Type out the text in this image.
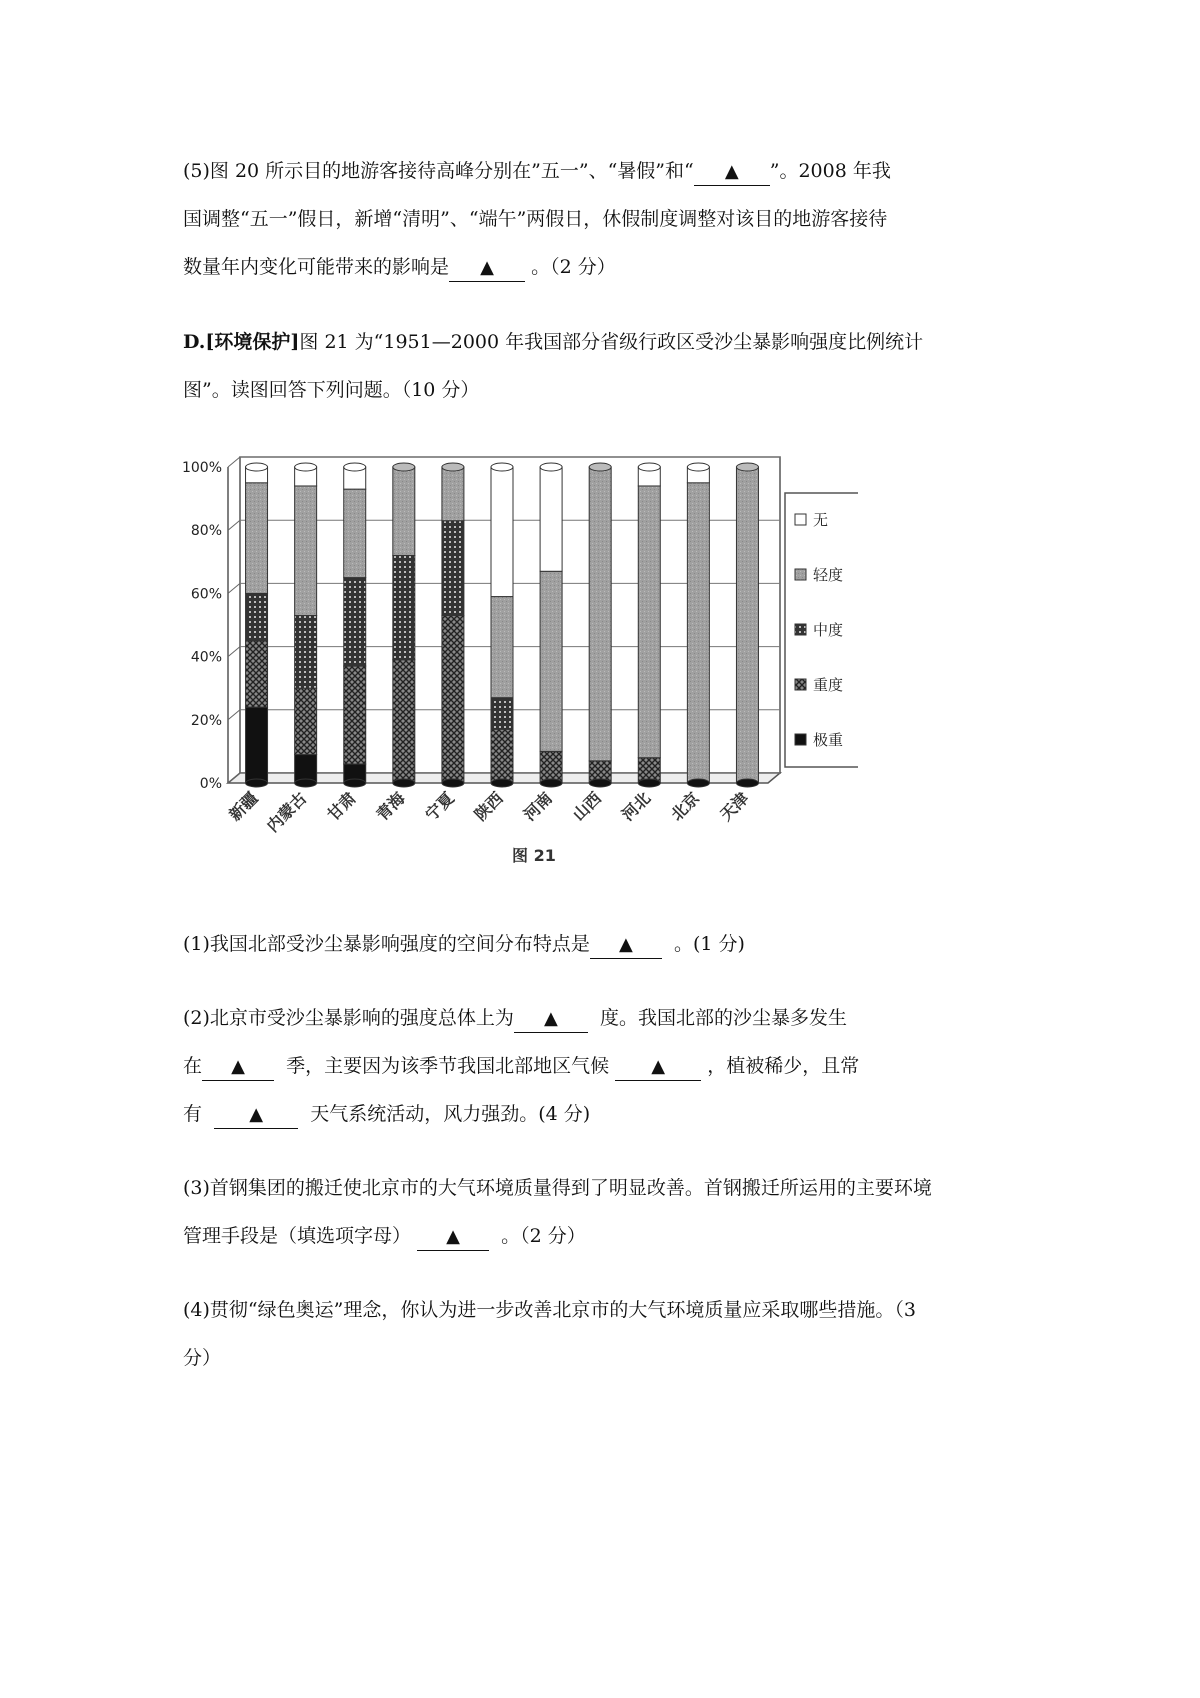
(5)图 20 所示目的地游客接待高峰分别在”五一”、“暑假”和“ ▲ ”。2008 年我
国调整“五一”假日，新增“清明”、“端午”两假日，休假制度调整对该目的地游客接待
数量年内变化可能带来的影响是 ▲ 。（2 分）

D.[环境保护]图 21 为“1951—2000 年我国部分省级行政区受沙尘暴影响强度比例统计
图”。读图回答下列问题。（10 分）

0%
20%
40%
60%
80%
100%
新疆 内蒙古 甘肃 青海 宁夏 陕西 河南 山西 河北 北京 天津
无
轻度
中度
重度
极重

图 21

(1)我国北部受沙尘暴影响强度的空间分布特点是 ▲ 。(1 分)

(2)北京市受沙尘暴影响的强度总体上为 ▲ 度。我国北部的沙尘暴多发生
在 ▲ 季，主要因为该季节我国北部地区气候 ▲ ，植被稀少，且常
有	▲ 天气系统活动，风力强劲。(4 分)

(3)首钢集团的搬迁使北京市的大气环境质量得到了明显改善。首钢搬迁所运用的主要环境
管理手段是（填选项字母） ▲ 。（2 分）

(4)贯彻“绿色奥运”理念，你认为进一步改善北京市的大气环境质量应采取哪些措施。（3
分）
